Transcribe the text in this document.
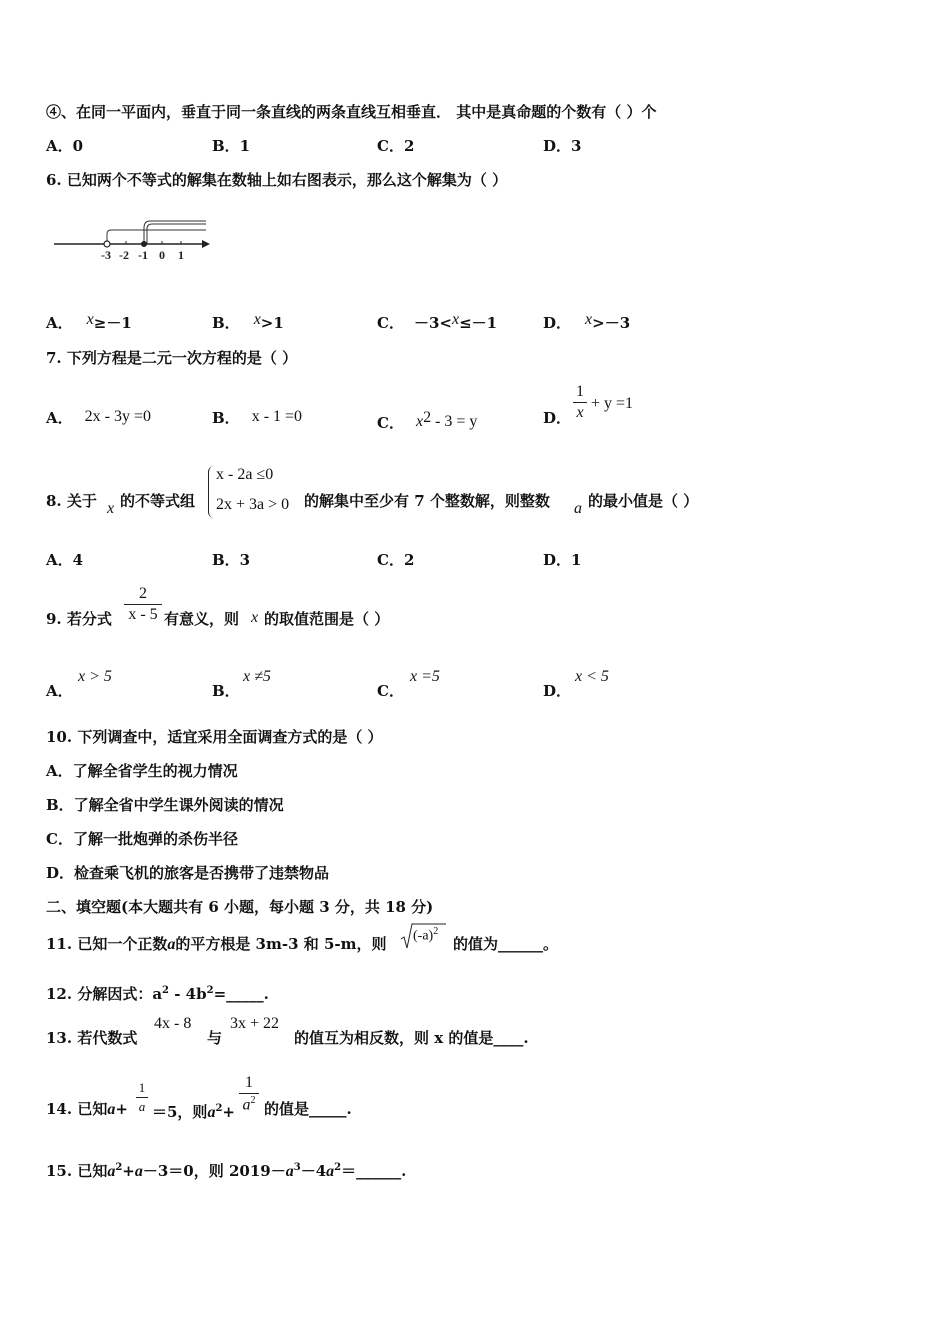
④、在同一平面内，垂直于同一条直线的两条直线互相垂直． 其中是真命题的个数有（ ）个
A．0	B．1	C．2	D．3
6. 已知两个不等式的解集在数轴上如右图表示，那么这个解集为（ ）
-3 -2 -1 0 1
A． x≥－1	B． x>1	C． －3<x≤－1	D． x>－3
7. 下列方程是二元一次方程的是（ ）
A． 2x - 3y =0	B． x - 1 =0	C． $x^2 - 3 = y$	D．
1
x
+ y =1
8. 关于 x 的不等式组
x - 2a ≤0
2x + 3a > 0 的解集中至少有 7 个整数解，则整数 a 的最小值是（ ）
A．4	B．3	C．2	D．1
9. 若分式
2
x - 5 有意义，则 x 的取值范围是（ ）
A．
x > 5
B．
x ≠5
C．
x =5
D．
x < 5
10. 下列调查中，适宜采用全面调查方式的是（ ）
A．了解全省学生的视力情况
B．了解全省中学生课外阅读的情况
C．了解一批炮弹的杀伤半径
D．检查乘飞机的旅客是否携带了违禁物品
二、填空题(本大题共有 6 小题，每小题 3 分，共 18 分)
11. 已知一个正数a的平方根是 3m-3 和 5-m，则 $(-a)^2$
的值为______。
12. 分解因式：$a^2$ - $4b^2=\_\_\_\_\_$.
13. 若代数式
4x - 8
与
3x + 22
的值互为相反数，则 x 的值是____.
14. 已知a+
1
a ＝5，则$a^2+$
1
$a^2$ 的值是_____.
15. 已知$a^2+a-3=0$，则 $2019-a^3-4a^2=\_\_\_\_\_\_$.
